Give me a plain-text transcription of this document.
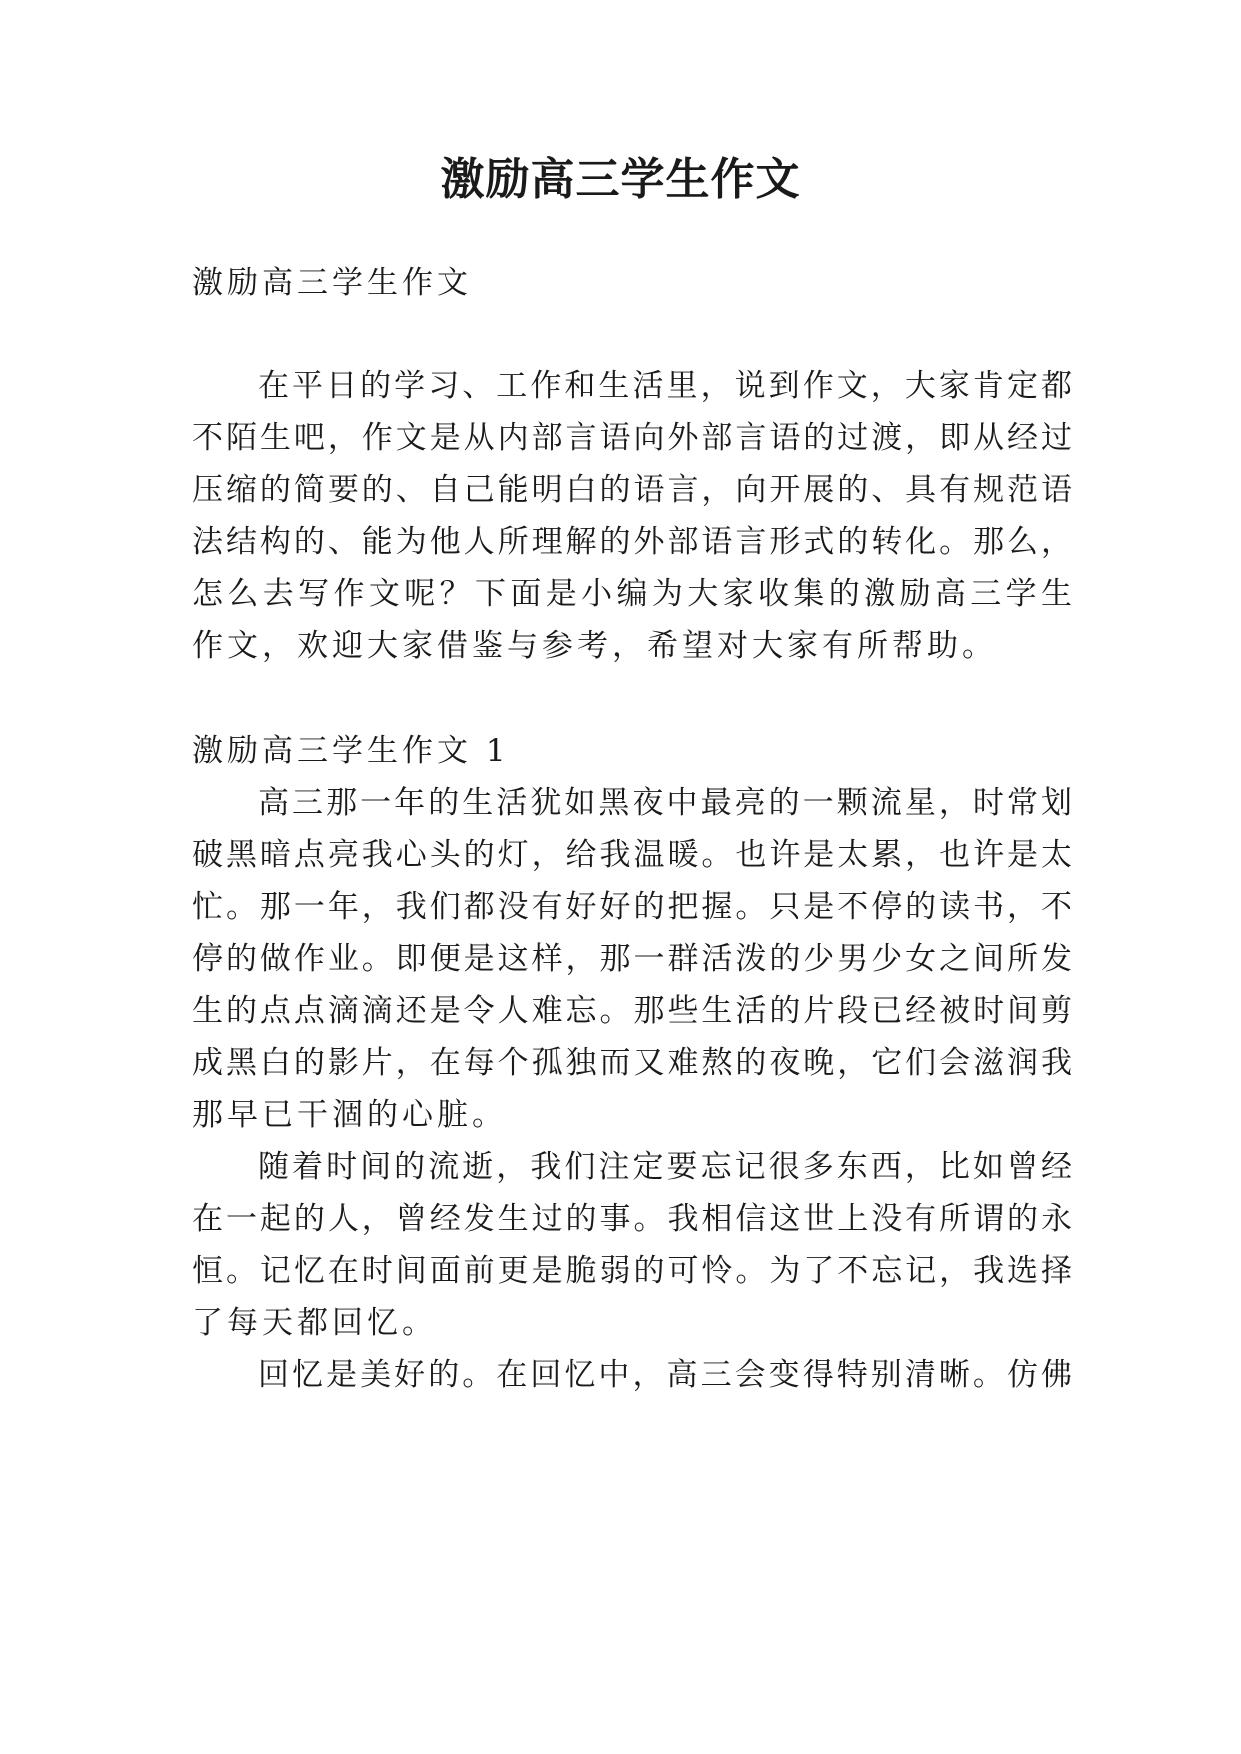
激励高三学生作文
激励高三学生作文
在平日的学习、工作和生活里，说到作文，大家肯定都
不陌生吧，作文是从内部言语向外部言语的过渡，即从经过
压缩的简要的、自己能明白的语言，向开展的、具有规范语
法结构的、能为他人所理解的外部语言形式的转化。那么，
怎么去写作文呢？下面是小编为大家收集的激励高三学生
作文，欢迎大家借鉴与参考，希望对大家有所帮助。
激励高三学生作文 1
高三那一年的生活犹如黑夜中最亮的一颗流星，时常划
破黑暗点亮我心头的灯，给我温暖。也许是太累，也许是太
忙。那一年，我们都没有好好的把握。只是不停的读书，不
停的做作业。即便是这样，那一群活泼的少男少女之间所发
生的点点滴滴还是令人难忘。那些生活的片段已经被时间剪
成黑白的影片，在每个孤独而又难熬的夜晚，它们会滋润我
那早已干涸的心脏。
随着时间的流逝，我们注定要忘记很多东西，比如曾经
在一起的人，曾经发生过的事。我相信这世上没有所谓的永
恒。记忆在时间面前更是脆弱的可怜。为了不忘记，我选择
了每天都回忆。
回忆是美好的。在回忆中，高三会变得特别清晰。仿佛
